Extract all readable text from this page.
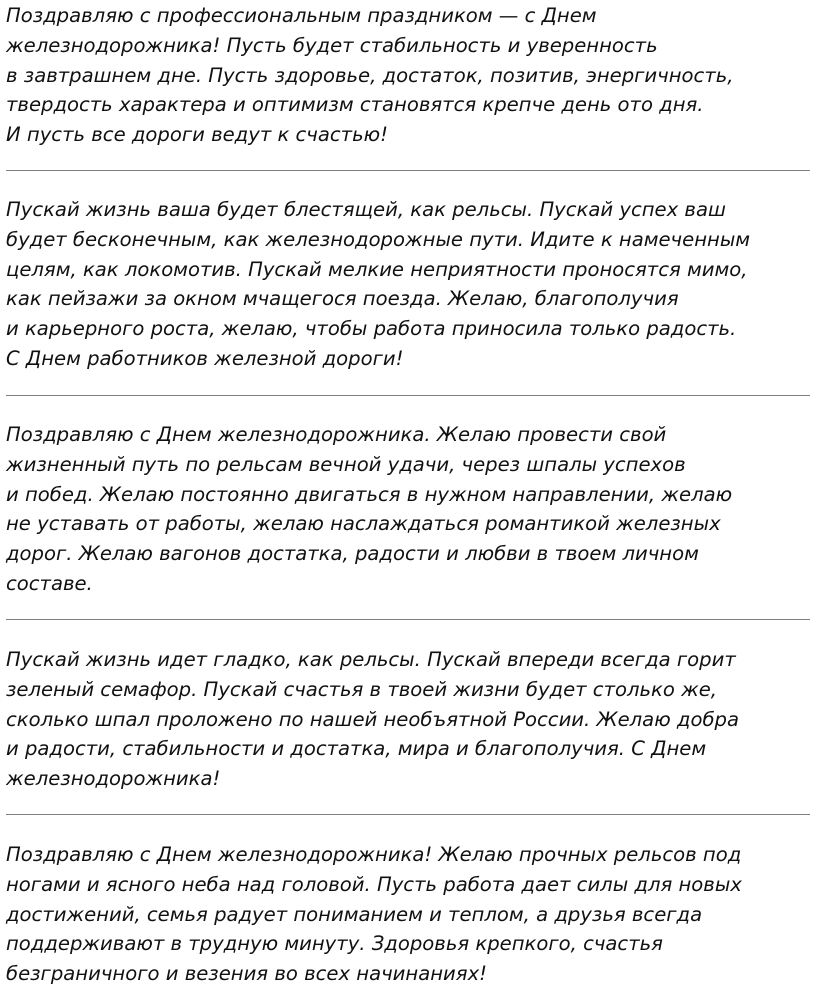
Поздравляю с профессиональным праздником — с Днем
железнодорожника! Пусть будет стабильность и уверенность
в завтрашнем дне. Пусть здоровье, достаток, позитив, энергичность,
твердость характера и оптимизм становятся крепче день ото дня.
И пусть все дороги ведут к счастью!
Пускай жизнь ваша будет блестящей, как рельсы. Пускай успех ваш
будет бесконечным, как железнодорожные пути. Идите к намеченным
целям, как локомотив. Пускай мелкие неприятности проносятся мимо,
как пейзажи за окном мчащегося поезда. Желаю, благополучия
и карьерного роста, желаю, чтобы работа приносила только радость.
С Днем работников железной дороги!
Поздравляю с Днем железнодорожника. Желаю провести свой
жизненный путь по рельсам вечной удачи, через шпалы успехов
и побед. Желаю постоянно двигаться в нужном направлении, желаю
не уставать от работы, желаю наслаждаться романтикой железных
дорог. Желаю вагонов достатка, радости и любви в твоем личном
составе.
Пускай жизнь идет гладко, как рельсы. Пускай впереди всегда горит
зеленый семафор. Пускай счастья в твоей жизни будет столько же,
сколько шпал проложено по нашей необъятной России. Желаю добра
и радости, стабильности и достатка, мира и благополучия. С Днем
железнодорожника!
Поздравляю с Днем железнодорожника! Желаю прочных рельсов под
ногами и ясного неба над головой. Пусть работа дает силы для новых
достижений, семья радует пониманием и теплом, а друзья всегда
поддерживают в трудную минуту. Здоровья крепкого, счастья
безграничного и везения во всех начинаниях!
